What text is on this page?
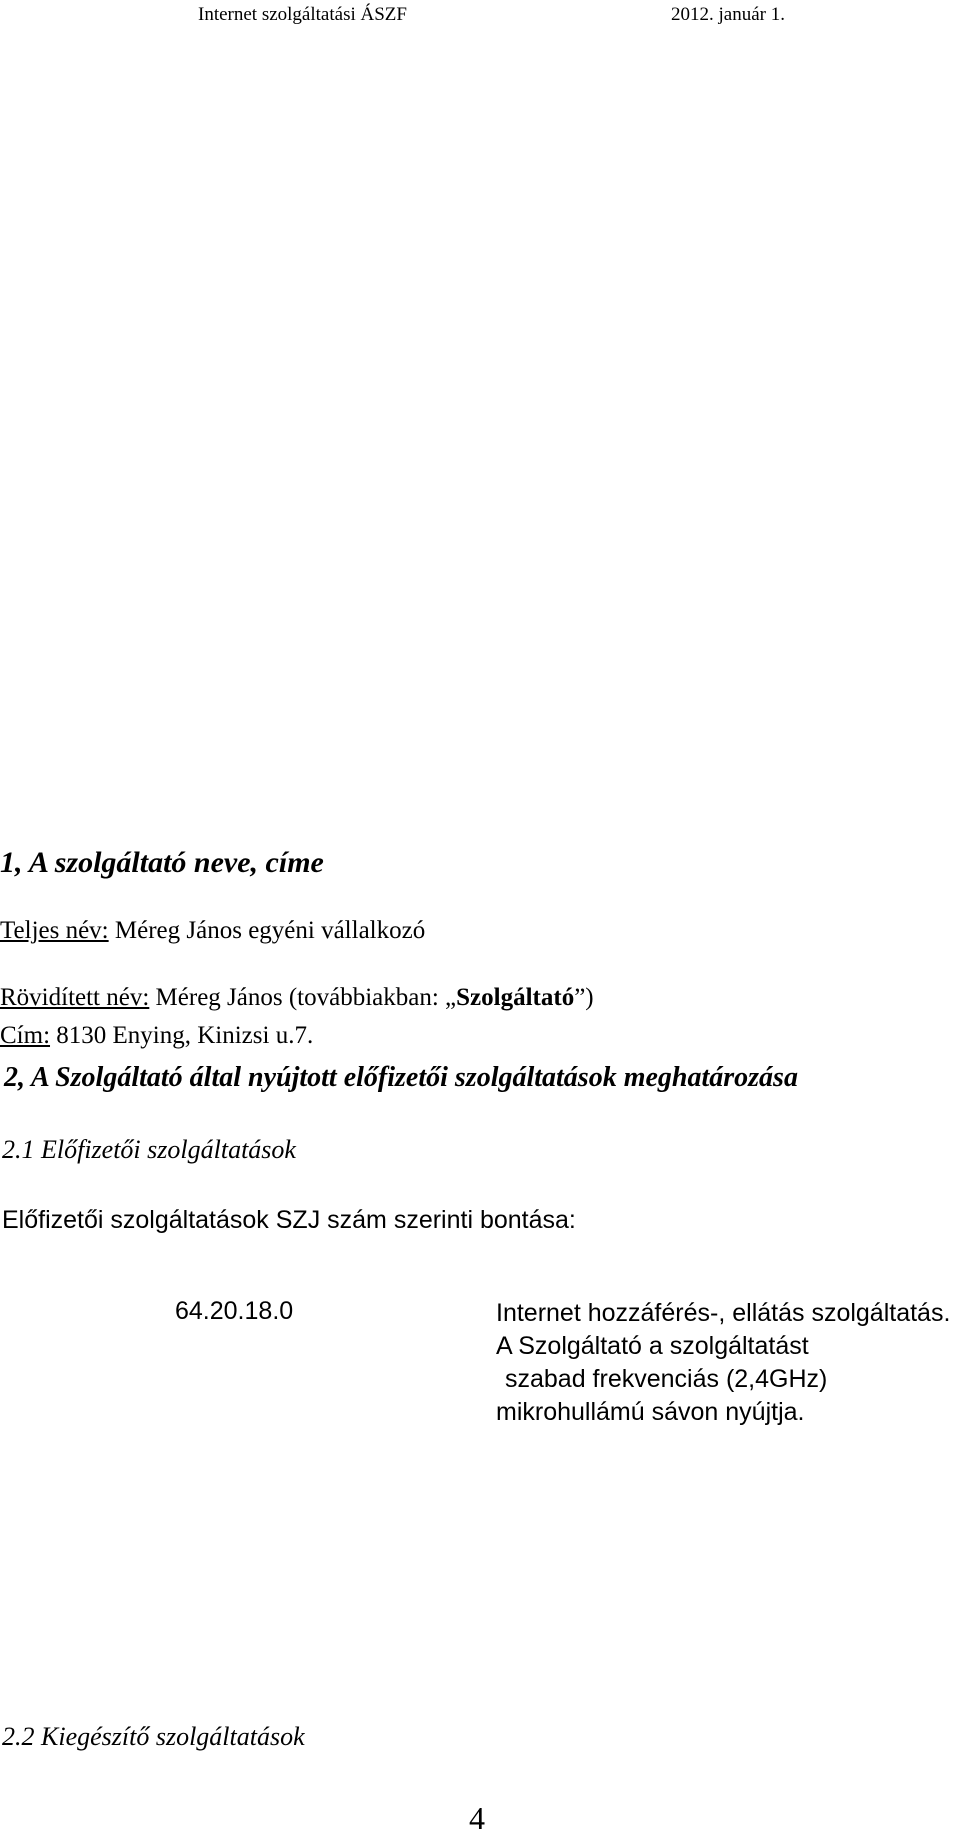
Internet szolgáltatási ÁSZF	2012. január 1.
1, A szolgáltató neve, címe
Teljes név: Méreg János egyéni vállalkozó
Rövidített név: Méreg János (továbbiakban: „Szolgáltató”)
Cím: 8130 Enying, Kinizsi u.7.
2, A Szolgáltató által nyújtott előfizetői szolgáltatások meghatározása
2.1 Előfizetői szolgáltatások
Előfizetői szolgáltatások SZJ szám szerinti bontása:
64.20.18.0	Internet hozzáférés-, ellátás szolgáltatás.
A Szolgáltató a szolgáltatást
szabad frekvenciás (2,4GHz)
mikrohullámú sávon nyújtja.
2.2 Kiegészítő szolgáltatások
4
